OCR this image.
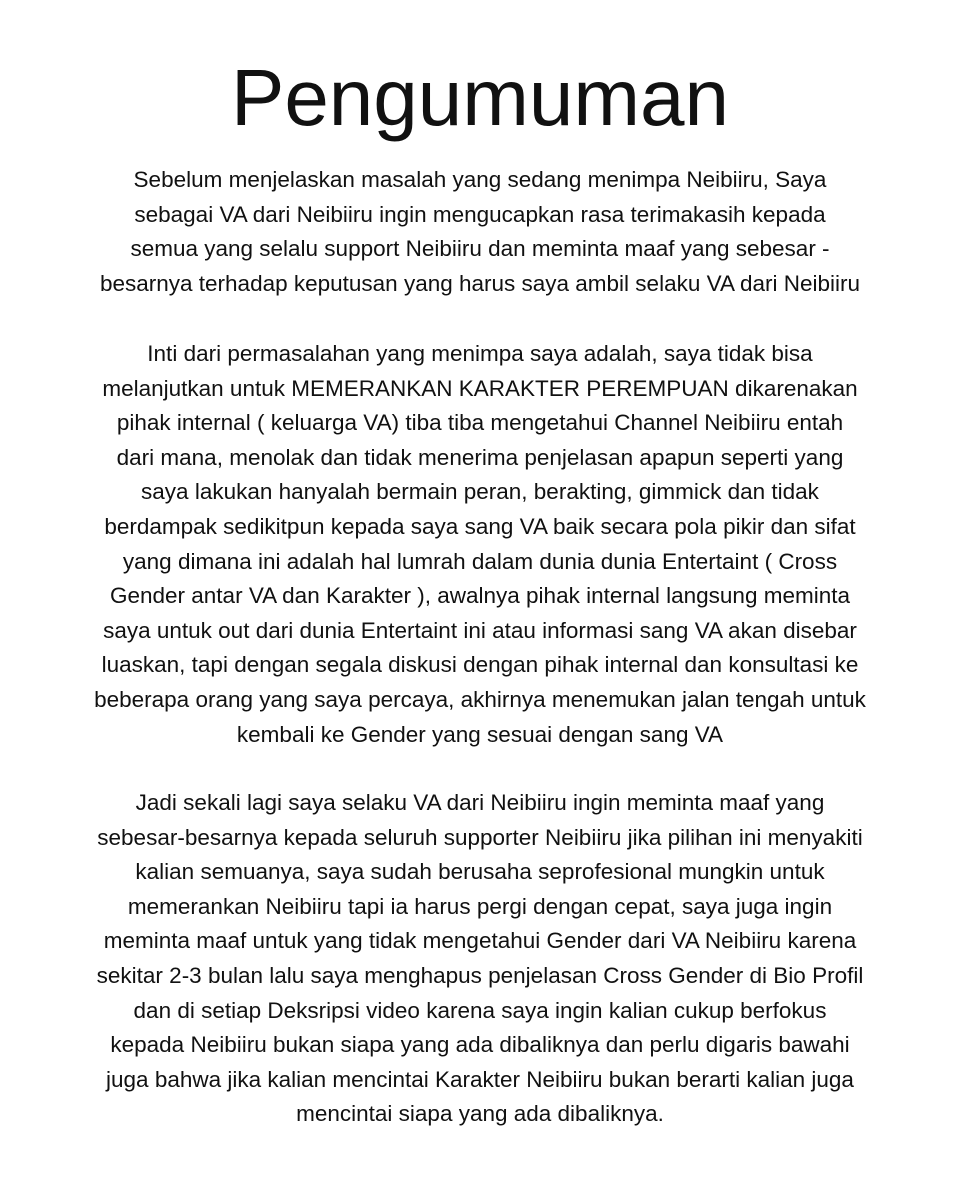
Pengumuman

Sebelum menjelaskan masalah yang sedang menimpa Neibiiru, Saya
sebagai VA dari Neibiiru ingin mengucapkan rasa terimakasih kepada
semua yang selalu support Neibiiru dan meminta maaf yang sebesar -
besarnya terhadap keputusan yang harus saya ambil selaku VA dari Neibiiru

Inti dari permasalahan yang menimpa saya adalah, saya tidak bisa
melanjutkan untuk MEMERANKAN KARAKTER PEREMPUAN dikarenakan
pihak internal ( keluarga VA) tiba tiba mengetahui Channel Neibiiru entah
dari mana, menolak dan tidak menerima penjelasan apapun seperti yang
saya lakukan hanyalah bermain peran, berakting, gimmick dan tidak
berdampak sedikitpun kepada saya sang VA baik secara pola pikir dan sifat
yang dimana ini adalah hal lumrah dalam dunia dunia Entertaint ( Cross
Gender antar VA dan Karakter ), awalnya pihak internal langsung meminta
saya untuk out dari dunia Entertaint ini atau informasi sang VA akan disebar
luaskan, tapi dengan segala diskusi dengan pihak internal dan konsultasi ke
beberapa orang yang saya percaya, akhirnya menemukan jalan tengah untuk
kembali ke Gender yang sesuai dengan sang VA

Jadi sekali lagi saya selaku VA dari Neibiiru ingin meminta maaf yang
sebesar-besarnya kepada seluruh supporter Neibiiru jika pilihan ini menyakiti
kalian semuanya, saya sudah berusaha seprofesional mungkin untuk
memerankan Neibiiru tapi ia harus pergi dengan cepat, saya juga ingin
meminta maaf untuk yang tidak mengetahui Gender dari VA Neibiiru karena
sekitar 2-3 bulan lalu saya menghapus penjelasan Cross Gender di Bio Profil
dan di setiap Deksripsi video karena saya ingin kalian cukup berfokus
kepada Neibiiru bukan siapa yang ada dibaliknya dan perlu digaris bawahi
juga bahwa jika kalian mencintai Karakter Neibiiru bukan berarti kalian juga
mencintai siapa yang ada dibaliknya.
